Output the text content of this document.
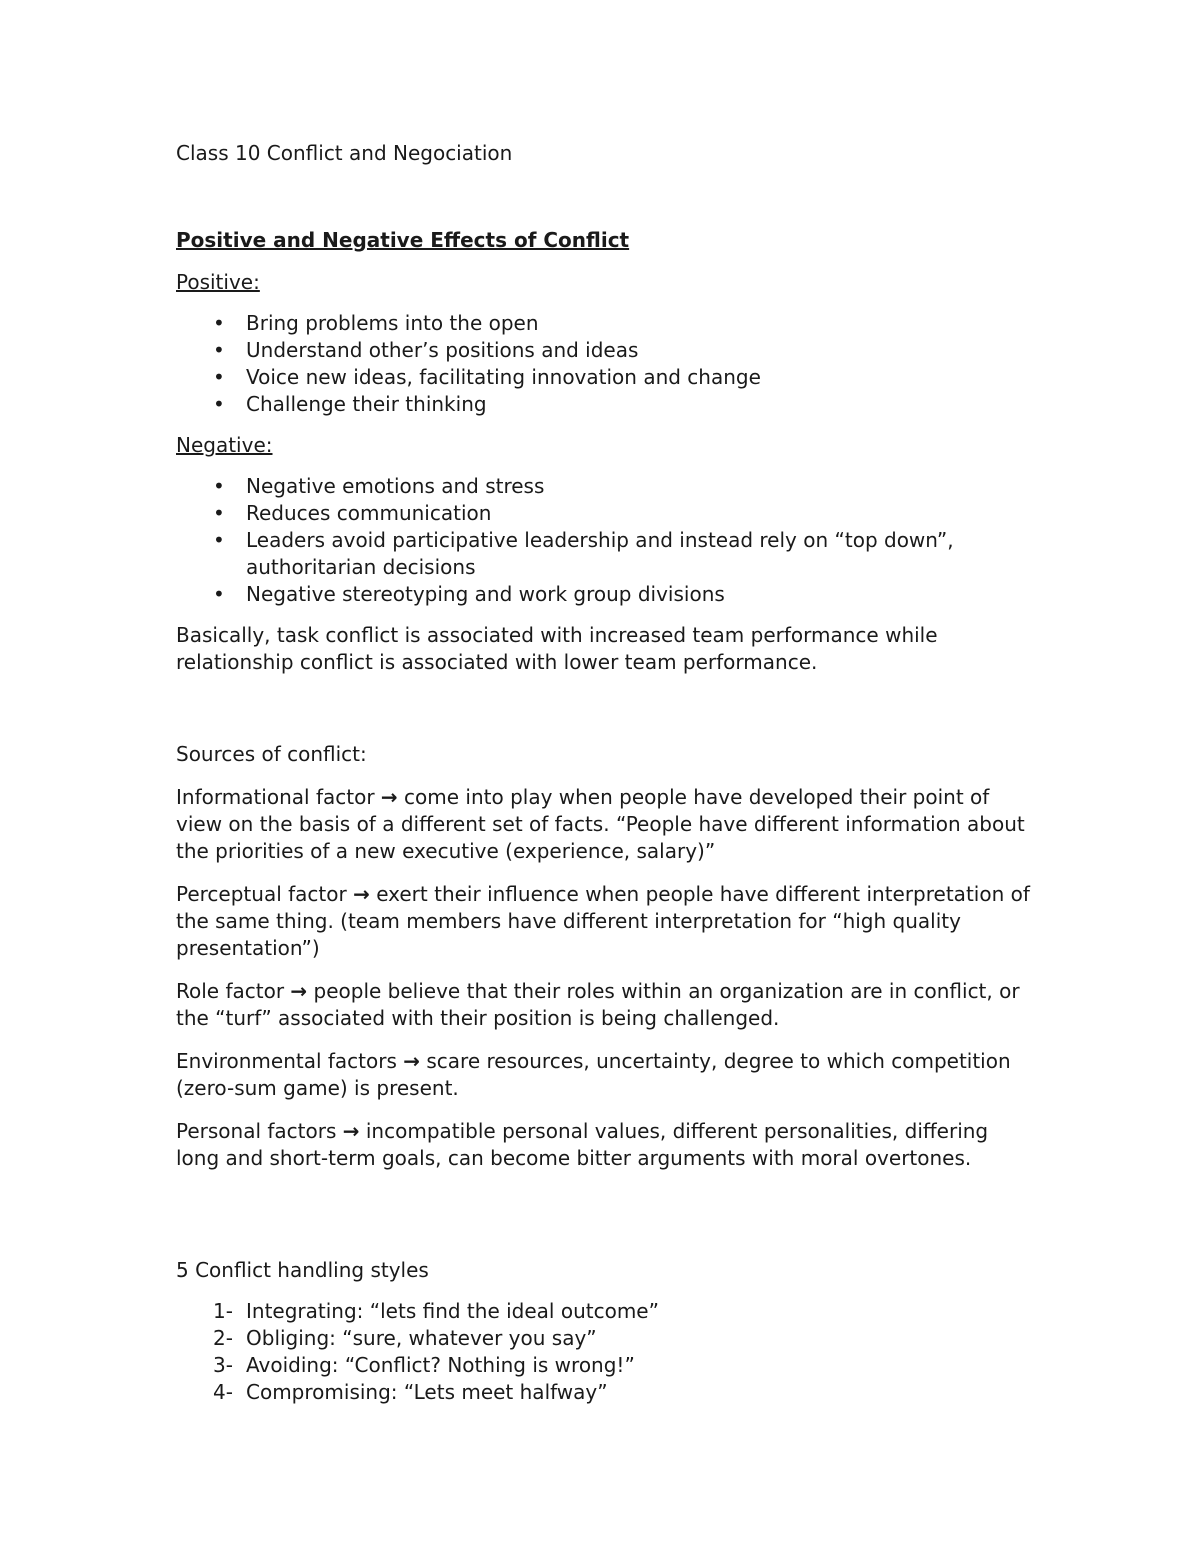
Class 10 Conflict and Negociation

Positive and Negative Effects of Conflict

Positive:

• Bring problems into the open
• Understand other’s positions and ideas
• Voice new ideas, facilitating innovation and change
• Challenge their thinking

Negative:

• Negative emotions and stress
• Reduces communication
• Leaders avoid participative leadership and instead rely on “top down”, authoritarian decisions
• Negative stereotyping and work group divisions

Basically, task conflict is associated with increased team performance while relationship conflict is associated with lower team performance.

Sources of conflict:

Informational factor → come into play when people have developed their point of view on the basis of a different set of facts. “People have different information about the priorities of a new executive (experience, salary)”

Perceptual factor → exert their influence when people have different interpretation of the same thing. (team members have different interpretation for “high quality presentation”)

Role factor → people believe that their roles within an organization are in conflict, or the “turf” associated with their position is being challenged.

Environmental factors → scare resources, uncertainty, degree to which competition (zero-sum game) is present.

Personal factors → incompatible personal values, different personalities, differing long and short-term goals, can become bitter arguments with moral overtones.

5 Conflict handling styles

1- Integrating: “lets find the ideal outcome”
2- Obliging: “sure, whatever you say”
3- Avoiding: “Conflict? Nothing is wrong!”
4- Compromising: “Lets meet halfway”
